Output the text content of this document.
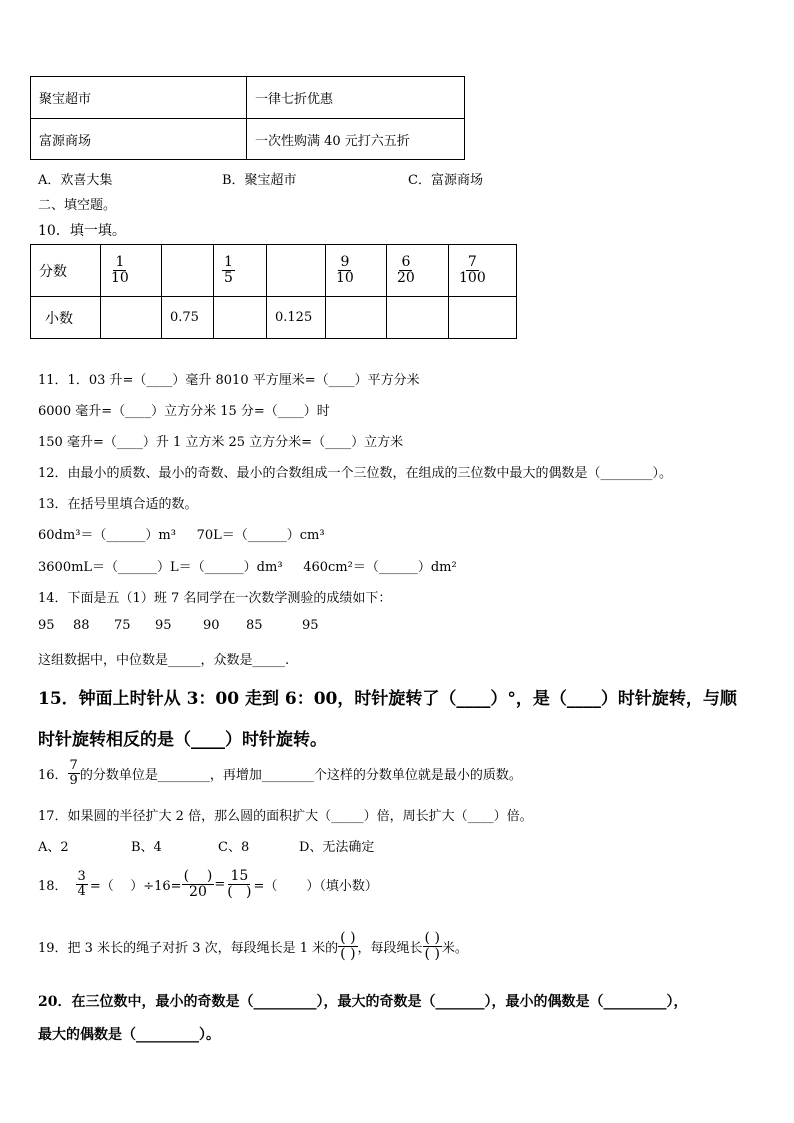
聚宝超市	一律七折优惠
富源商场	一次性购满 40 元打六五折
A．欢喜大集	B．聚宝超市	C．富源商场
二、填空题。
10．填一填。
分数	$\frac{1}{10}$		$\frac{1}{5}$		$\frac{9}{10}$	$\frac{6}{20}$	$\frac{7}{100}$

小数		0.75		0.125			
11．1．03 升=（____）毫升 8010 平方厘米=（____）平方分米
6000 毫升=（____）立方分米 15 分=（____）时
150 毫升=（____）升 1 立方米 25 立方分米=（____）立方米
12．由最小的质数、最小的奇数、最小的合数组成一个三位数，在组成的三位数中最大的偶数是（________）。
13．在括号里填合适的数。
60dm³＝（______）m³     70L＝（______）cm³
3600mL＝（______）L＝（______）dm³     460cm²＝（______）dm²
14．下面是五（1）班 7 名同学在一次数学测验的成绩如下：
95 88 75 95 90 85	95
这组数据中，中位数是_____，众数是_____.
15．钟面上时针从 3：00 走到 6：00，时针旋转了（____）°，是（____）时针旋转，与顺
时针旋转相反的是（____）时针旋转。
16． $\frac{7}{9}$ 的分数单位是________，再增加________个这样的分数单位就是最小的质数。
17．如果圆的半径扩大 2 倍，那么圆的面积扩大（_____）倍，周长扩大（____）倍。
A、2	B、4	C、8	D、无法确定
18． $\frac{3}{4}$ =（    ）$\div 16= \frac{( )}{20} = \frac{15}{( )}$ =（       ）（填小数）
19．把 3 米长的绳子对折 3 次，每段绳长是 1 米的 $\frac{( )}{( )}$ ，每段绳长 $\frac{( )}{( )}$ 米。
20．在三位数中，最小的奇数是（_________），最大的奇数是（_______），最小的偶数是（_________），
最大的偶数是（_________）。
